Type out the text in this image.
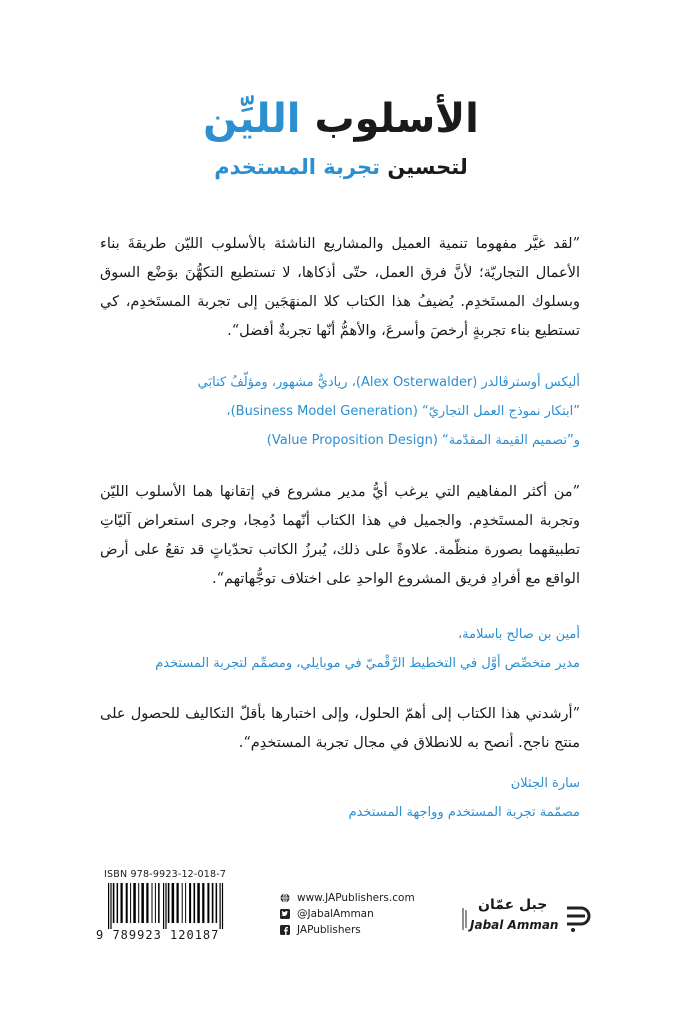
الأسلوب الليِّن
لتحسين تجربة المستخدم
”لقد غيَّر مفهوما تنمية العميل والمشاريع الناشئة بالأسلوب الليّن طريقةَ بناء الأعمال التجاريّة؛ لأنَّ فرق العمل، حتّى أذكاها، لا تستطيع التكهُّنَ بوَضْع السوق وبسلوك المستَخدِم. يُضيفُ هذا الكتاب كلا المنهَجَين إلى تجربة المستَخدِم، كي تستطيع بناء تجربةٍ أرخصَ وأسرعَ، والأهمُّ أنّها تجربةٌ أفضل“.
أليكس أوسترڤالدر (Alex Osterwalder)، رياديٌّ مشهور، ومؤلّفُ كتابَي
”ابتكار نموذج العمل التجاريّ“ (Business Model Generation)،
و”تصميم القيمة المقدّمة“ (Value Proposition Design)
”من أكثر المفاهيم التي يرغب أيُّ مدير مشروع في إتقانها هما الأسلوب الليّن وتجربة المستَخدِم. والجميل في هذا الكتاب أنّهما دُمِجا، وجرى استعراض آليّاتِ تطبيقهما بصورة منظّمة. علاوةً على ذلك، يُبرزُ الكاتب تحدّياتٍ قد تقعُ على أرض الواقع مع أفرادِ فريق المشروع الواحدِ على اختلاف توجُّهاتهم“.
أمين بن صالح باسلامة،
مدير متخصِّص أوَّل في التخطيط الرَّقْميّ في موبايلي، ومصمِّم لتجربة المستخدم
”أرشدني هذا الكتاب إلى أهمّ الحلول، وإلى اختبارها بأقلّ التكاليف للحصول على منتج ناجح. أنصح به للانطلاق في مجال تجربة المستخدِم“.
سارة الجثلان
مصمّمة تجربة المستخدم وواجهة المستخدم
ISBN 978-9923-12-018-7
9 789923 120187
www.JAPublishers.com
@JabalAmman
JAPublishers
جبل عمّان
Jabal Amman
